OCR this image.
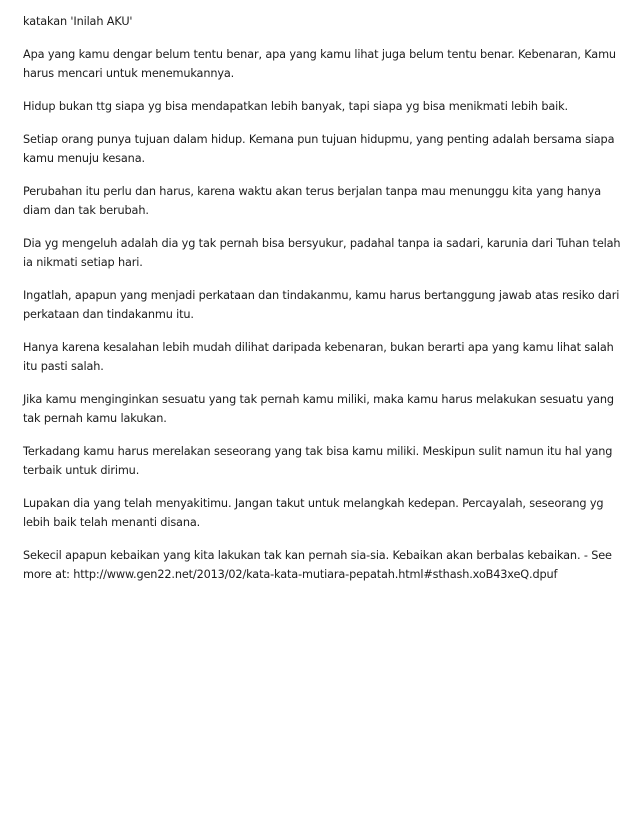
katakan 'Inilah AKU'

Apa yang kamu dengar belum tentu benar, apa yang kamu lihat juga belum tentu benar. Kebenaran, Kamu harus mencari untuk menemukannya.

Hidup bukan ttg siapa yg bisa mendapatkan lebih banyak, tapi siapa yg bisa menikmati lebih baik.

Setiap orang punya tujuan dalam hidup. Kemana pun tujuan hidupmu, yang penting adalah bersama siapa kamu menuju kesana.

Perubahan itu perlu dan harus, karena waktu akan terus berjalan tanpa mau menunggu kita yang hanya diam dan tak berubah.

Dia yg mengeluh adalah dia yg tak pernah bisa bersyukur, padahal tanpa ia sadari, karunia dari Tuhan telah ia nikmati setiap hari.

Ingatlah, apapun yang menjadi perkataan dan tindakanmu, kamu harus bertanggung jawab atas resiko dari perkataan dan tindakanmu itu.

Hanya karena kesalahan lebih mudah dilihat daripada kebenaran, bukan berarti apa yang kamu lihat salah itu pasti salah.

Jika kamu menginginkan sesuatu yang tak pernah kamu miliki, maka kamu harus melakukan sesuatu yang tak pernah kamu lakukan.

Terkadang kamu harus merelakan seseorang yang tak bisa kamu miliki. Meskipun sulit namun itu hal yang terbaik untuk dirimu.

Lupakan dia yang telah menyakitimu. Jangan takut untuk melangkah kedepan. Percayalah, seseorang yg lebih baik telah menanti disana.

Sekecil apapun kebaikan yang kita lakukan tak kan pernah sia-sia. Kebaikan akan berbalas kebaikan. - See more at: http://www.gen22.net/2013/02/kata-kata-mutiara-pepatah.html#sthash.xoB43xeQ.dpuf
